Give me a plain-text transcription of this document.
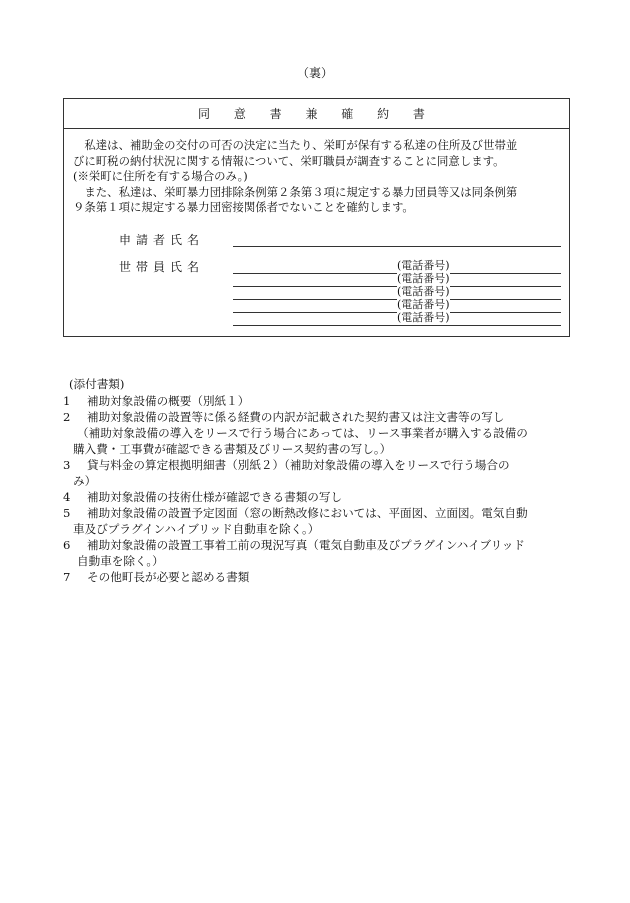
（裏）
同 意 書 兼 確 約 書

　私達は、補助金の交付の可否の決定に当たり、栄町が保有する私達の住所及び世帯並

びに町税の納付状況に関する情報について、栄町職員が調査することに同意します。

(※栄町に住所を有する場合のみ。)

　また、私達は、栄町暴力団排除条例第２条第３項に規定する暴力団員等又は同条例第

９条第１項に規定する暴力団密接関係者でないことを確約します。

申請者氏名
世帯員氏名	(電話番号)
(電話番号)
(電話番号)
(電話番号)
(電話番号)

(添付書類)

1 補助対象設備の概要（別紙１）

2 補助対象設備の設置等に係る経費の内訳が記載された契約書又は注文書等の写し

（補助対象設備の導入をリースで行う場合にあっては、リース事業者が購入する設備の

購入費・工事費が確認できる書類及びリース契約書の写し。）

3 貸与料金の算定根拠明細書（別紙２）（補助対象設備の導入をリースで行う場合の

み）

4 補助対象設備の技術仕様が確認できる書類の写し

5 補助対象設備の設置予定図面（窓の断熱改修においては、平面図、立面図。電気自動

車及びプラグインハイブリッド自動車を除く。）

6 補助対象設備の設置工事着工前の現況写真（電気自動車及びプラグインハイブリッド

自動車を除く。）

7 その他町長が必要と認める書類
